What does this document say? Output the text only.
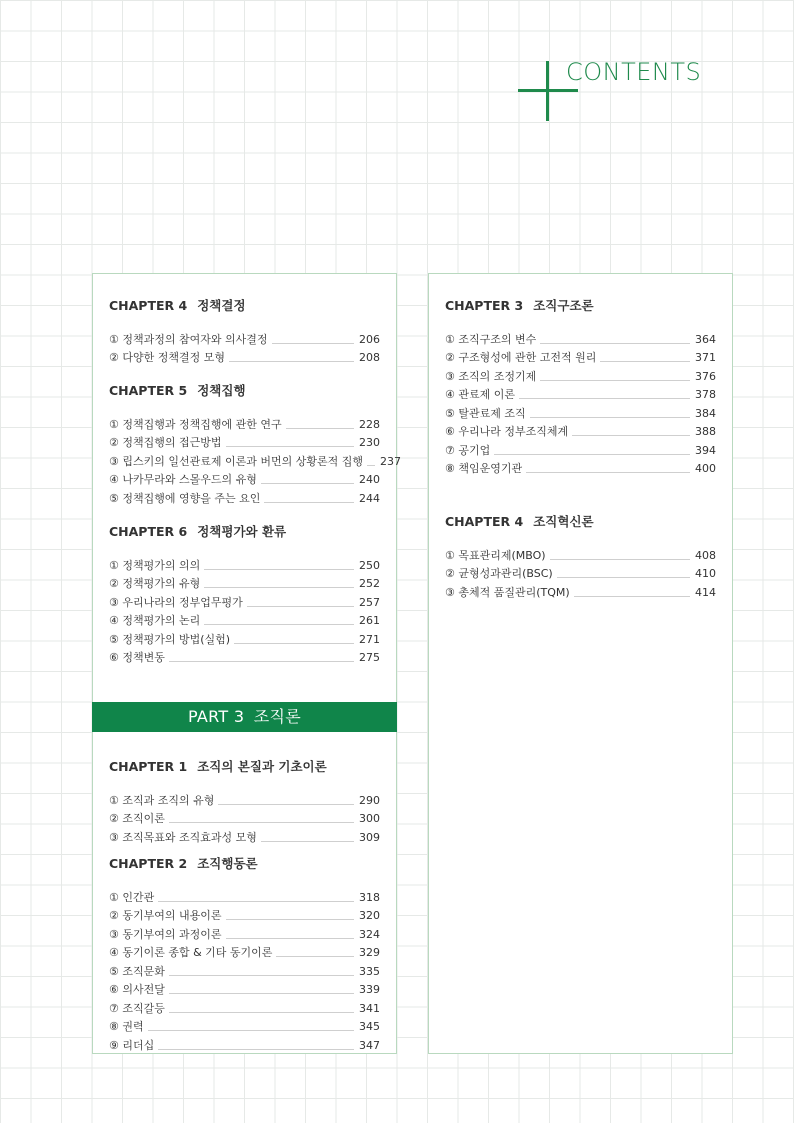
CONTENTS
PART 3 조직론
CHAPTER 4 정책결정
① 정책과정의 참여자와 의사결정	206
② 다양한 정책결정 모형	208
CHAPTER 5 정책집행
① 정책집행과 정책집행에 관한 연구	228
② 정책집행의 접근방법	230
③ 립스키의 일선관료제 이론과 버먼의 상황론적 집행 237
④ 나카무라와 스몰우드의 유형	240
⑤ 정책집행에 영향을 주는 요인	244
CHAPTER 6 정책평가와 환류
① 정책평가의 의의	250
② 정책평가의 유형	252
③ 우리나라의 정부업무평가	257
④ 정책평가의 논리	261
⑤ 정책평가의 방법(실험)	271
⑥ 정책변동	275
CHAPTER 1 조직의 본질과 기초이론
① 조직과 조직의 유형	290
② 조직이론	300
③ 조직목표와 조직효과성 모형	309
CHAPTER 2 조직행동론
① 인간관	318
② 동기부여의 내용이론	320
③ 동기부여의 과정이론	324
④ 동기이론 종합 & 기타 동기이론	329
⑤ 조직문화	335
⑥ 의사전달	339
⑦ 조직갈등	341
⑧ 권력	345
⑨ 리더십	347
CHAPTER 3 조직구조론
① 조직구조의 변수	364
② 구조형성에 관한 고전적 원리	371
③ 조직의 조정기제	376
④ 관료제 이론	378
⑤ 탈관료제 조직	384
⑥ 우리나라 정부조직체계	388
⑦ 공기업	394
⑧ 책임운영기관	400
CHAPTER 4 조직혁신론
① 목표관리제(MBO)	408
② 균형성과관리(BSC)	410
③ 총체적 품질관리(TQM)	414
